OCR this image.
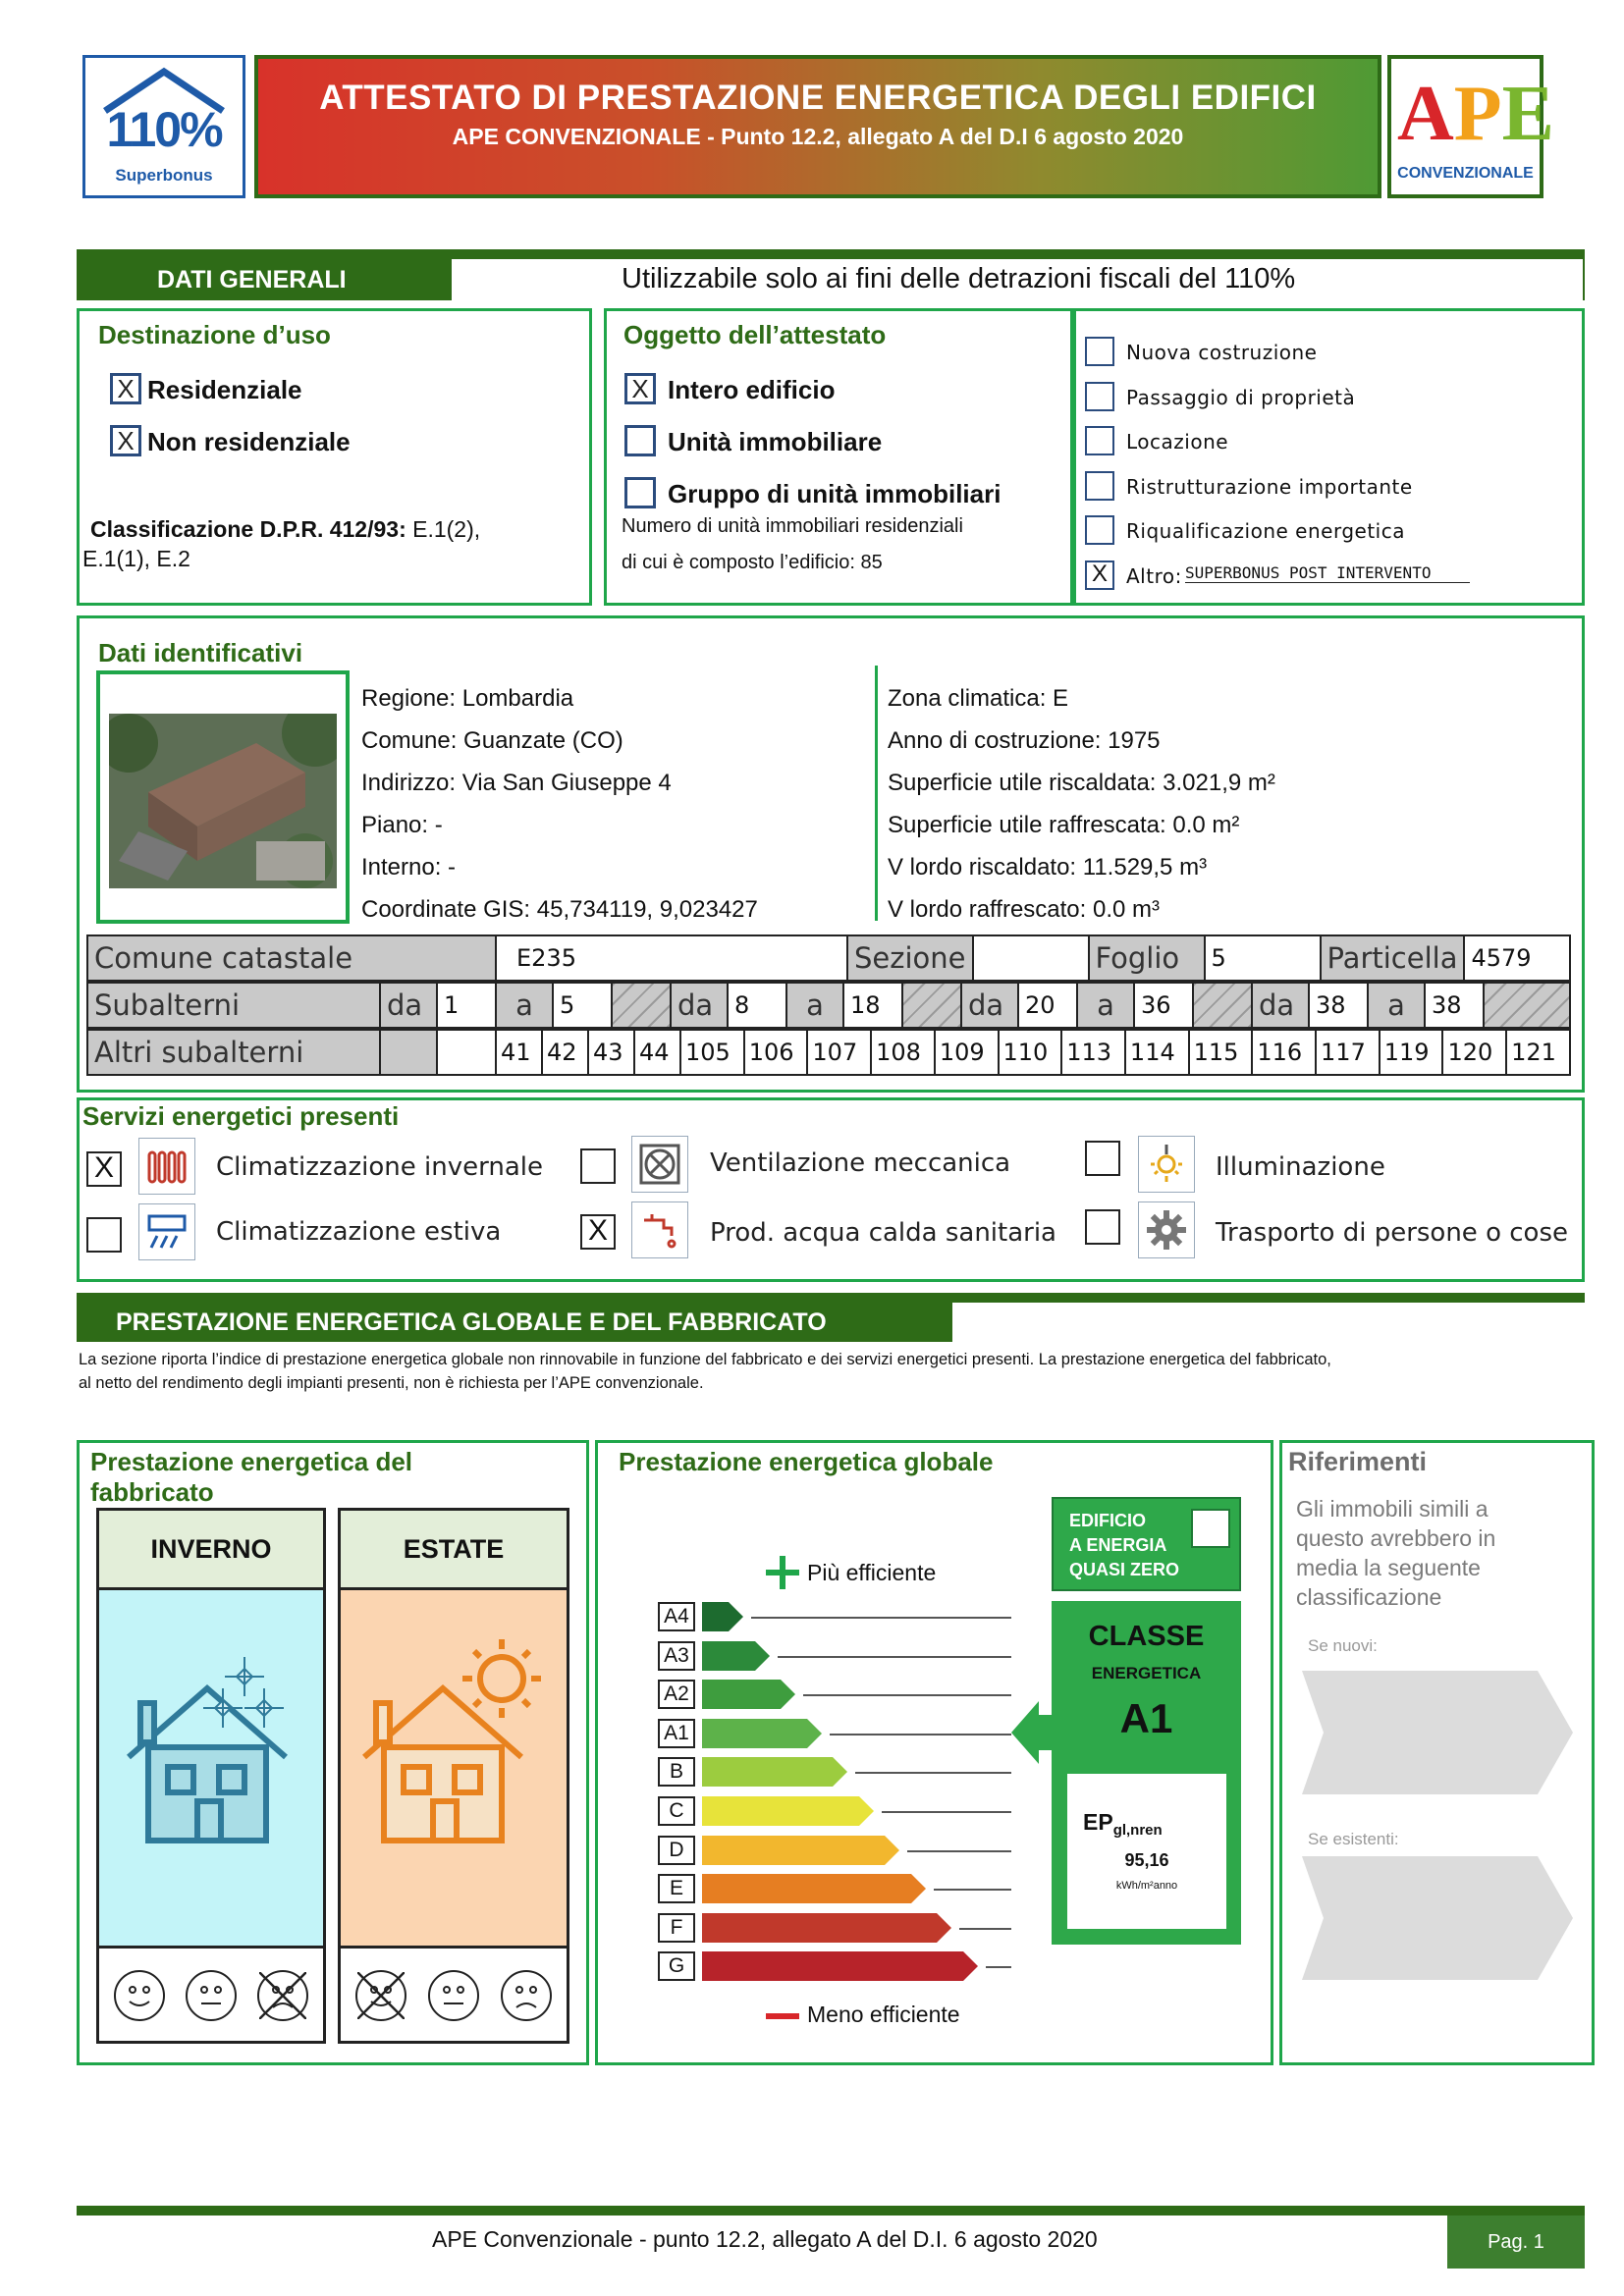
110%
Superbonus
ATTESTATO DI PRESTAZIONE ENERGETICA DEGLI EDIFICI
APE CONVENZIONALE - Punto 12.2, allegato A del D.I 6 agosto 2020	APE
CONVENZIONALE
DATI GENERALI	Utilizzabile solo ai fini delle detrazioni fiscali del 110%
Destinazione d’uso
X Residenziale
X Non residenziale
Classificazione D.P.R. 412/93: E.1(2),
E.1(1), E.2
Oggetto dell’attestato
X Intero edificio
Unità immobiliare
Gruppo di unità immobiliari
Numero di unità immobiliari residenziali
di cui è composto l’edificio: 85
Nuova costruzione
Passaggio di proprietà
Locazione
Ristrutturazione importante
Riqualificazione energetica
X Altro: SUPERBONUS POST INTERVENTO
Dati identificativi
Regione: Lombardia
Comune: Guanzate (CO)
Indirizzo: Via San Giuseppe 4
Piano: -
Interno: -
Coordinate GIS: 45,734119, 9,023427
Zona climatica: E
Anno di costruzione: 1975
Superficie utile riscaldata: 3.021,9 m²
Superficie utile raffrescata: 0.0 m²
V lordo riscaldato: 11.529,5 m³
V lordo raffrescato: 0.0 m³
Comune catastale	E235	Sezione		Foglio	5	Particella	4579
Subalterni	da	1	a	5		da	8	a	18		da	20	a	36		da	38	a	38	
Altri subalterni			41	42	43	44	105	106	107	108	109	110	113	114	115	116	117	119	120	121
Servizi energetici presenti
X	Climatizzazione invernale
Climatizzazione estiva
Ventilazione meccanica
X	Prod. acqua calda sanitaria
Illuminazione
Trasporto di persone o cose
PRESTAZIONE ENERGETICA GLOBALE E DEL FABBRICATO
La sezione riporta l’indice di prestazione energetica globale non rinnovabile in funzione del fabbricato e dei servizi energetici presenti. La prestazione energetica del fabbricato,
al netto del rendimento degli impianti presenti, non è richiesta per l’APE convenzionale.
Prestazione energetica del
fabbricato
INVERNO	ESTATE
Prestazione energetica globale
Più efficiente
A4
A3
A2
A1
B
C
D
E
F
G
Meno efficiente
EDIFICIO
A ENERGIA
QUASI ZERO
CLASSE
ENERGETICA
A1
$EP_{gl,nren}$
95,16
kWh/m²anno
Riferimenti
Gli immobili simili a
questo avrebbero in
media la seguente
classificazione
Se nuovi:
Se esistenti:
APE Convenzionale - punto 12.2, allegato A del D.I. 6 agosto 2020	Pag. 1
